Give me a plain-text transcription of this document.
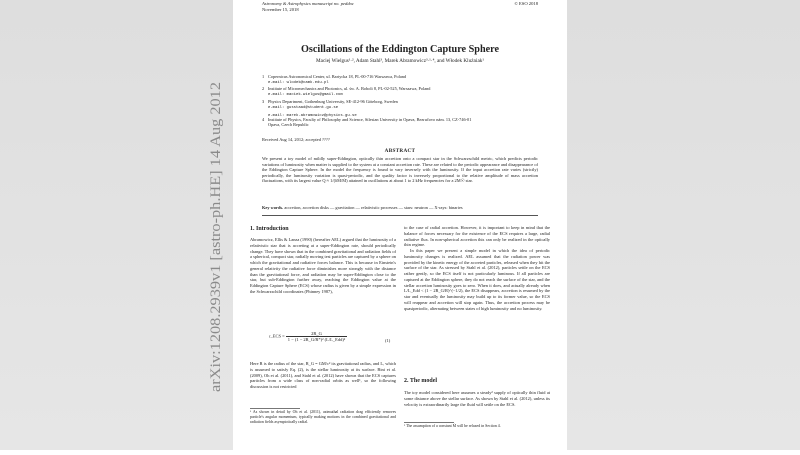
arXiv:1208.2939v1 [astro-ph.HE] 14 Aug 2012
Astronomy & Astrophysics manuscript no. peddoc
November 15, 2018
© ESO 2018
Oscillations of the Eddington Capture Sphere
Maciej Wielgus¹·², Adam Stahl³, Marek Abramowicz³·¹·⁴, and Włodek Kluźniak¹
1 Copernicus Astronomical Center, ul. Bartycka 18, PL-00-716 Warszawa, Poland
e-mail: wlodek@camk.edu.pl
2 Institute of Micromechanics and Photonics, ul. św. A. Boboli 8, PL-02-525, Warszawa, Poland
e-mail: maciek.wielgus@gmail.com
3 Physics Department, Gothenburg University, SE-412-96 Göteborg, Sweden
e-mail: gusstaad@student.gu.se
e-mail: marek.abramowicz@physics.gu.se
4 Institute of Physics, Faculty of Philosophy and Science, Silesian University in Opava, Bezručovo nám. 13, CZ-746-01
Opava, Czech Republic
Received Aug 14, 2012; accepted ????
ABSTRACT
We present a toy model of mildly super-Eddington, optically thin accretion onto a compact star in the Schwarzschild metric, which predicts periodic variations of luminosity when matter is supplied to the system at a constant accretion rate. These are related to the periodic appearance and disappearance of the Eddington Capture Sphere. In the model the frequency is found to vary inversely with the luminosity. If the input accretion rate varies (strictly) periodically, the luminosity variation is quasi-periodic, and the quality factor is inversely proportional to the relative amplitude of mass accretion fluctuations, with its largest value Q ≈ 1/(δṀ/Ṁ) attained in oscillations at about 1 to 2 kHz frequencies for a 2M☉ star.
Key words. accretion, accretion disks — gravitation — relativistic processes — stars: neutron — X-rays: binaries
1. Introduction

Abramowicz, Ellis & Lanza (1990) (hereafter AEL) argued that the luminosity of a relativistic star that is accreting at a super-Eddington rate, should periodically change. They have shown that in the combined gravitational and radiation fields of a spherical, compact star, radially moving test particles are captured by a sphere on which the gravitational and radiative forces balance. This is because in Einstein's general relativity the radiative force diminishes more strongly with the distance than the gravitational force, and radiation may be super-Eddington close to the star, but sub-Eddington further away, reaching the Eddington value at the Eddington Capture Sphere (ECS) whose radius is given by a simple expression in the Schwarzschild coordinates (Phinney 1987),

r_ECS = $\frac{2R\_G}{\text{1 − (1 − 2R\_G/R*)² (L/L\_Edd)²}}$	(1)

Here R is the radius of the star, R_G = GM/c² its gravitational radius, and L, which is assumed to satisfy Eq. (2), is the stellar luminosity at its surface. Bini et al. (2009), Oh et al. (2011), and Stahl et al. (2012) have shown that the ECS captures particles from a wide class of non-radial orbits as well¹, so the following discussion is not restricted

¹ As shown in detail by Oh et al. (2011), azimuthal radiation drag efficiently removes particle's angular momentum, typically making motions in the combined gravitational and radiation fields asymptotically radial.

to the case of radial accretion. However, it is important to keep in mind that the balance of forces necessary for the existence of the ECS requires a large, radial radiative flux. In non-spherical accretion this can only be realized in the optically thin regime.

In this paper we present a simple model in which the idea of periodic luminosity changes is realized. AEL assumed that the radiation power was provided by the kinetic energy of the accreted particles, released when they hit the surface of the star. As stressed by Stahl et al. (2012), particles settle on the ECS rather gently, so the ECS itself is not particularly luminous. If all particles are captured at the Eddington sphere, they do not reach the surface of the star, and the stellar accretion luminosity goes to zero. When it does, and actually already when L/L_Edd < (1 − 2R_G/R)^(−1/2), the ECS disappears, accretion is resumed by the star and eventually the luminosity may build up to its former value, so the ECS will reappear and accretion will stop again. Thus, the accretion process may be quasiperiodic, alternating between states of high luminosity and no luminosity.

2. The model

The toy model considered here assumes a steady² supply of optically thin fluid at some distance above the stellar surface. As shown by Stahl et al. (2012), unless its velocity is extraordinarily large the fluid will settle on the ECS.

² The assumption of a constant Ṁ will be relaxed in Section 4.
